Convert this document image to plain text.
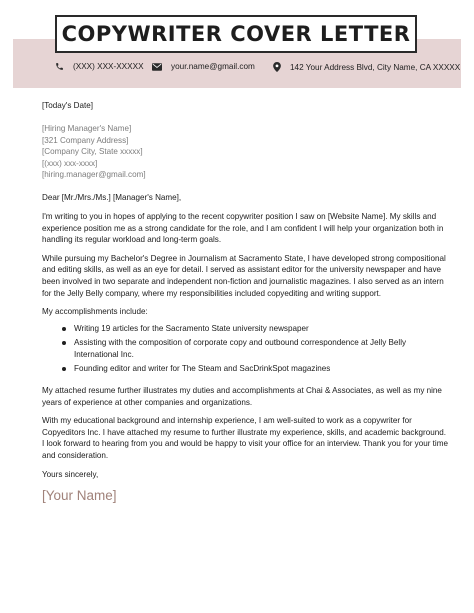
COPYWRITER COVER LETTER
(XXX) XXX-XXXXX	your.name@gmail.com	142 Your Address Blvd, City Name, CA XXXXX

[Today's Date]

[Hiring Manager's Name]

[321 Company Address]

[Company City, State xxxxx]

[(xxx) xxx-xxxx]

[hiring.manager@gmail.com]

Dear [Mr./Mrs./Ms.] [Manager's Name],

I'm writing to you in hopes of applying to the recent copywriter position I saw on [Website Name]. My skills and experience position me as a strong candidate for the role, and I am confident I will help your organization both in handling its regular workload and long-term goals.

While pursuing my Bachelor's Degree in Journalism at Sacramento State, I have developed strong compositional and editing skills, as well as an eye for detail. I served as assistant editor for the university newspaper and have been involved in two separate and independent non-fiction and journalistic magazines. I also served as an intern for the Jelly Belly company, where my responsibilities included copyediting and writing support.

My accomplishments include:

Writing 19 articles for the Sacramento State university newspaper
Assisting with the composition of corporate copy and outbound correspondence at Jelly Belly International Inc.
Founding editor and writer for The Steam and SacDrinkSpot magazines

My attached resume further illustrates my duties and accomplishments at Chai & Associates, as well as my nine years of experience at other companies and organizations.

With my educational background and internship experience, I am well-suited to work as a copywriter for Copyeditors Inc. I have attached my resume to further illustrate my experience, skills, and academic background. I look forward to hearing from you and would be happy to visit your office for an interview. Thank you for your time and consideration.

Yours sincerely,

[Your Name]
